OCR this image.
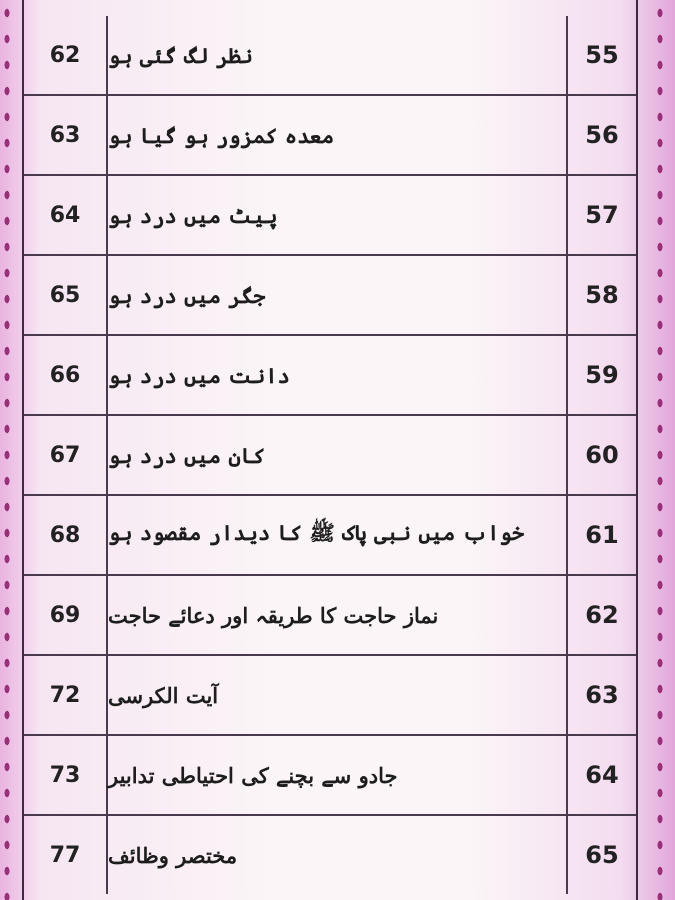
62	نظر لگ گئی ہو	55
63	معدہ کمزور ہو گیا ہو	56
64	پیٹ میں درد ہو	57
65	جگر میں درد ہو	58
66	دانت میں درد ہو	59
67	کان میں درد ہو	60
68	خواب میں نبی پاک ﷺ کا دیدار مقصود ہو	61
69	نماز حاجت کا طریقہ اور دعائے حاجت	62
72	آیت الکرسی	63
73	جادو سے بچنے کی احتیاطی تدابیر	64
77	مختصر وظائف	65
